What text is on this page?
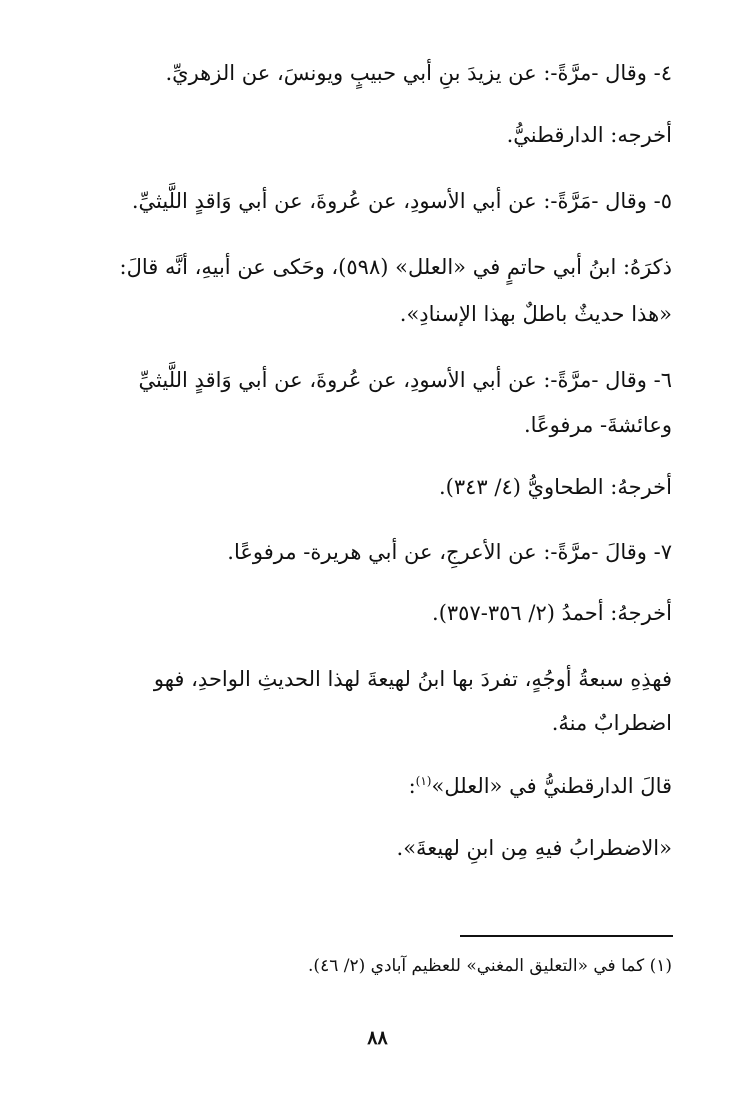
٤- وقال -مرَّةً-: عن يزيدَ بنِ أبي حبيبٍ ويونسَ، عن الزهريِّ.
أخرجه: الدارقطنيُّ.
٥- وقال -مَرَّةً-: عن أبي الأسودِ، عن عُروةَ، عن أبي وَاقدٍ اللَّيثيِّ.
ذكرَهُ: ابنُ أبي حاتمٍ في «العلل» (٥٩٨)، وحَكى عن أبيهِ، أنَّه قالَ:
«هذا حديثٌ باطلٌ بهذا الإسنادِ».
٦- وقال -مرَّةً-: عن أبي الأسودِ، عن عُروةَ، عن أبي وَاقدٍ اللَّيثيِّ
وعائشةَ- مرفوعًا.
أخرجهُ: الطحاويُّ (٤/ ٣٤٣).
٧- وقالَ -مرَّةً-: عن الأعرجِ، عن أبي هريرة- مرفوعًا.
أخرجهُ: أحمدُ (٢/ ٣٥٦-٣٥٧).
فهذِهِ سبعةُ أوجُهٍ، تفردَ بها ابنُ لهيعةَ لهذا الحديثِ الواحدِ، فهو
اضطرابٌ منهُ.
قالَ الدارقطنيُّ في «العلل»$^{(١)}$:
«الاضطرابُ فيهِ مِن ابنِ لهيعةَ».
(١) كما في «التعليق المغني» للعظيم آبادي (٢/ ٤٦).
٨٨
